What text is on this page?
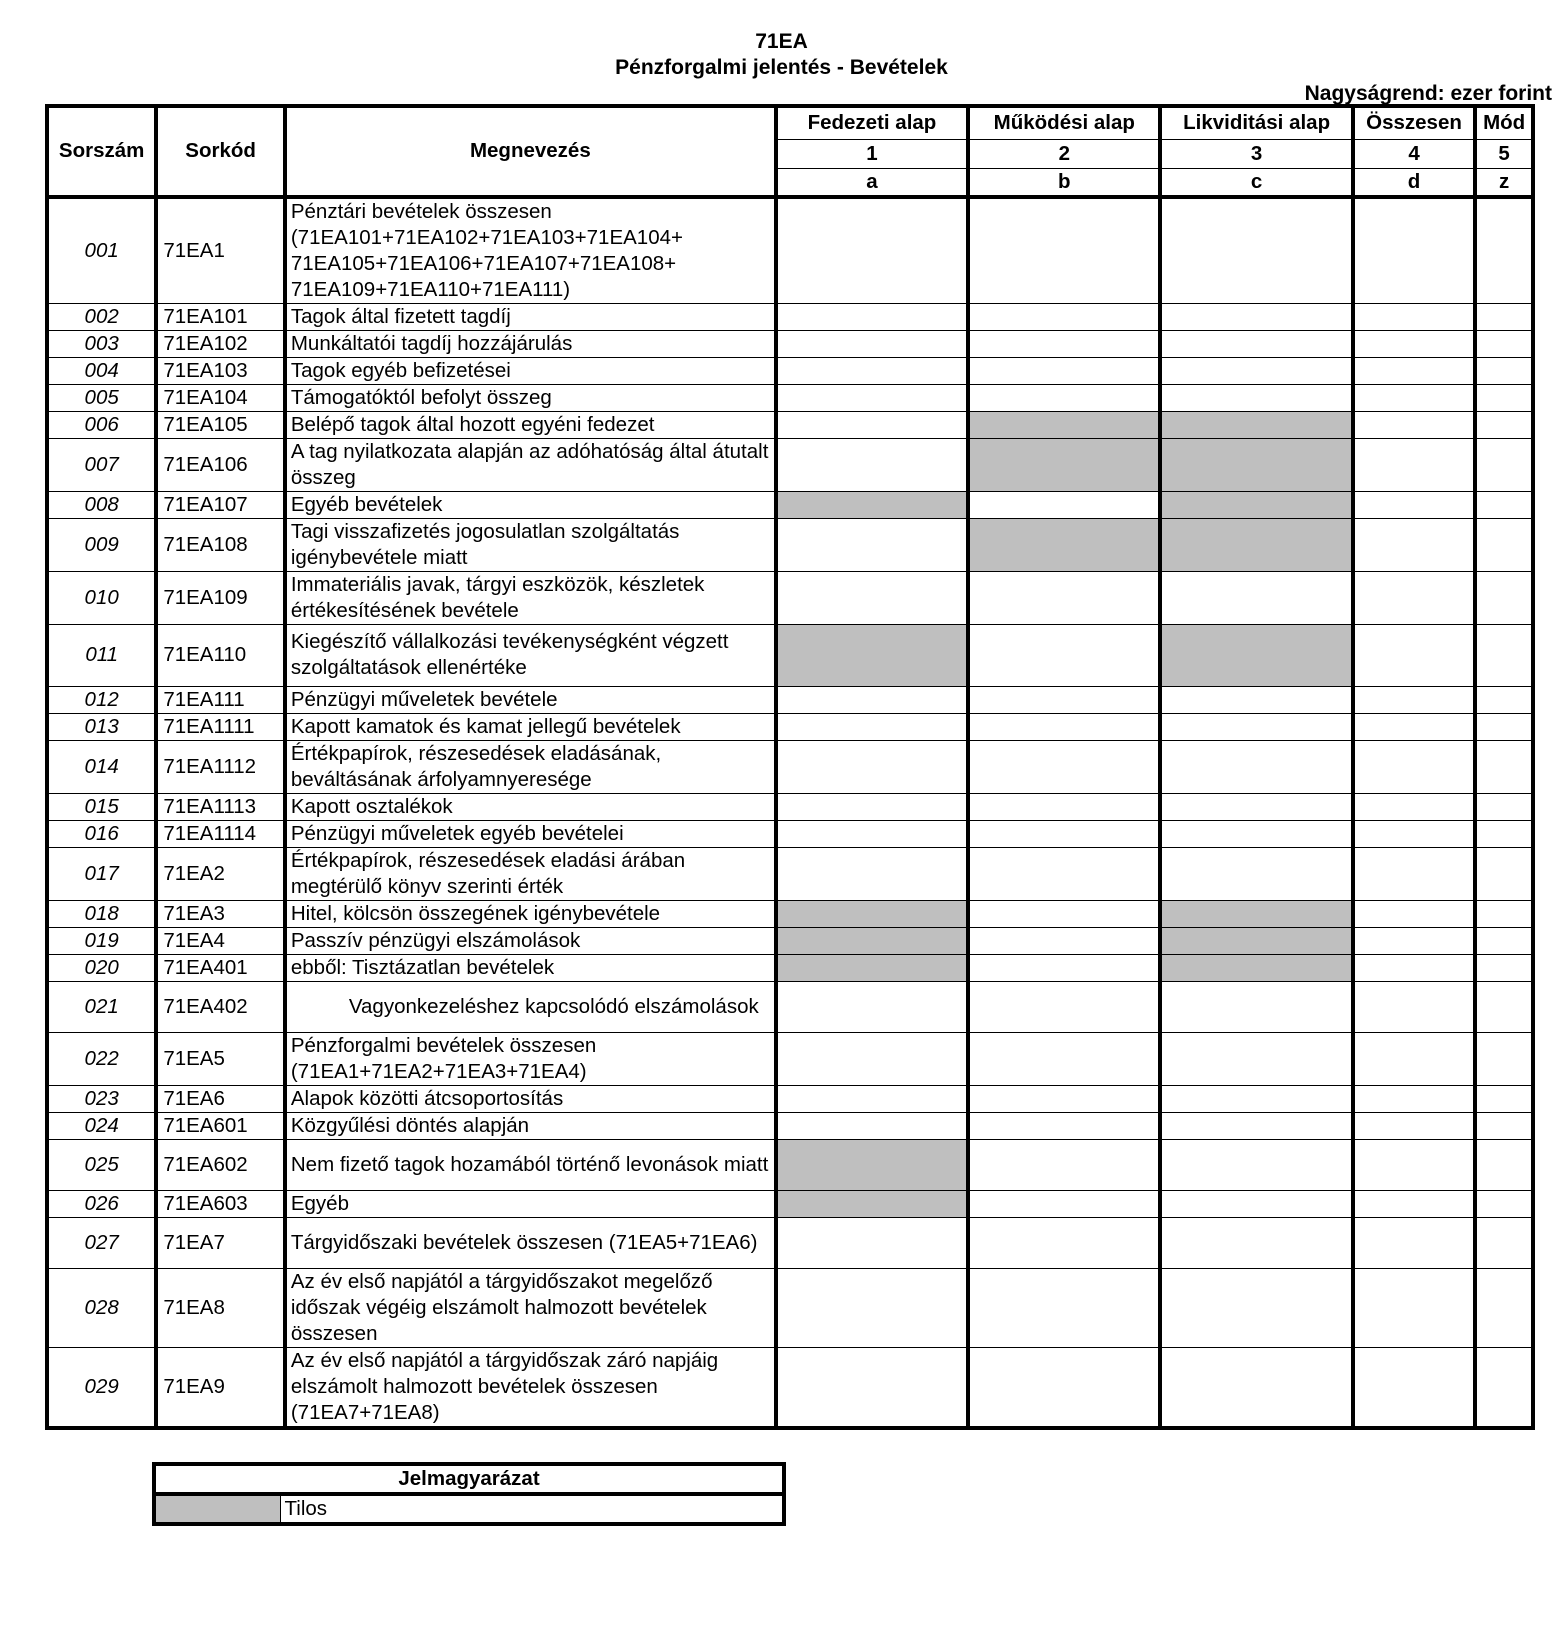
71EA
Pénzforgalmi jelentés - Bevételek
Nagyságrend: ezer forint
Sorszám	Sorkód	Megnevezés	Fedezeti alap	Működési alap	Likviditási alap	Összesen	Mód
			1	2	3	4	5
			a	b	c	d	z
001	71EA1	Pénztári bevételek összesen (71EA101+71EA102+71EA103+71EA104+ 71EA105+71EA106+71EA107+71EA108+ 71EA109+71EA110+71EA111)					
002	71EA101	Tagok által fizetett tagdíj					
003	71EA102	Munkáltatói tagdíj hozzájárulás					
004	71EA103	Tagok egyéb befizetései					
005	71EA104	Támogatóktól befolyt összeg					
006	71EA105	Belépő tagok által hozott egyéni fedezet					
007	71EA106	A tag nyilatkozata alapján az adóhatóság által átutalt összeg					
008	71EA107	Egyéb bevételek					
009	71EA108	Tagi visszafizetés jogosulatlan szolgáltatás igénybevétele miatt					
010	71EA109	Immateriális javak, tárgyi eszközök, készletek értékesítésének bevétele					
011	71EA110	Kiegészítő vállalkozási tevékenységként végzett szolgáltatások ellenértéke					
012	71EA111	Pénzügyi műveletek bevétele					
013	71EA1111	Kapott kamatok és kamat jellegű bevételek					
014	71EA1112	Értékpapírok, részesedések eladásának, beváltásának árfolyamnyeresége					
015	71EA1113	Kapott osztalékok					
016	71EA1114	Pénzügyi műveletek egyéb bevételei					
017	71EA2	Értékpapírok, részesedések eladási árában megtérülő könyv szerinti érték					
018	71EA3	Hitel, kölcsön összegének igénybevétele					
019	71EA4	Passzív pénzügyi elszámolások					
020	71EA401	ebből: Tisztázatlan bevételek					
021	71EA402	Vagyonkezeléshez kapcsolódó elszámolások					
022	71EA5	Pénzforgalmi bevételek összesen (71EA1+71EA2+71EA3+71EA4)					
023	71EA6	Alapok közötti átcsoportosítás					
024	71EA601	Közgyűlési döntés alapján					
025	71EA602	Nem fizető tagok hozamából történő levonások miatt					
026	71EA603	Egyéb					
027	71EA7	Tárgyidőszaki bevételek összesen (71EA5+71EA6)					
028	71EA8	Az év első napjától a tárgyidőszakot megelőző időszak végéig elszámolt halmozott bevételek összesen					
029	71EA9	Az év első napjától a tárgyidőszak záró napjáig elszámolt halmozott bevételek összesen (71EA7+71EA8)					
Jelmagyarázat
	Tilos
